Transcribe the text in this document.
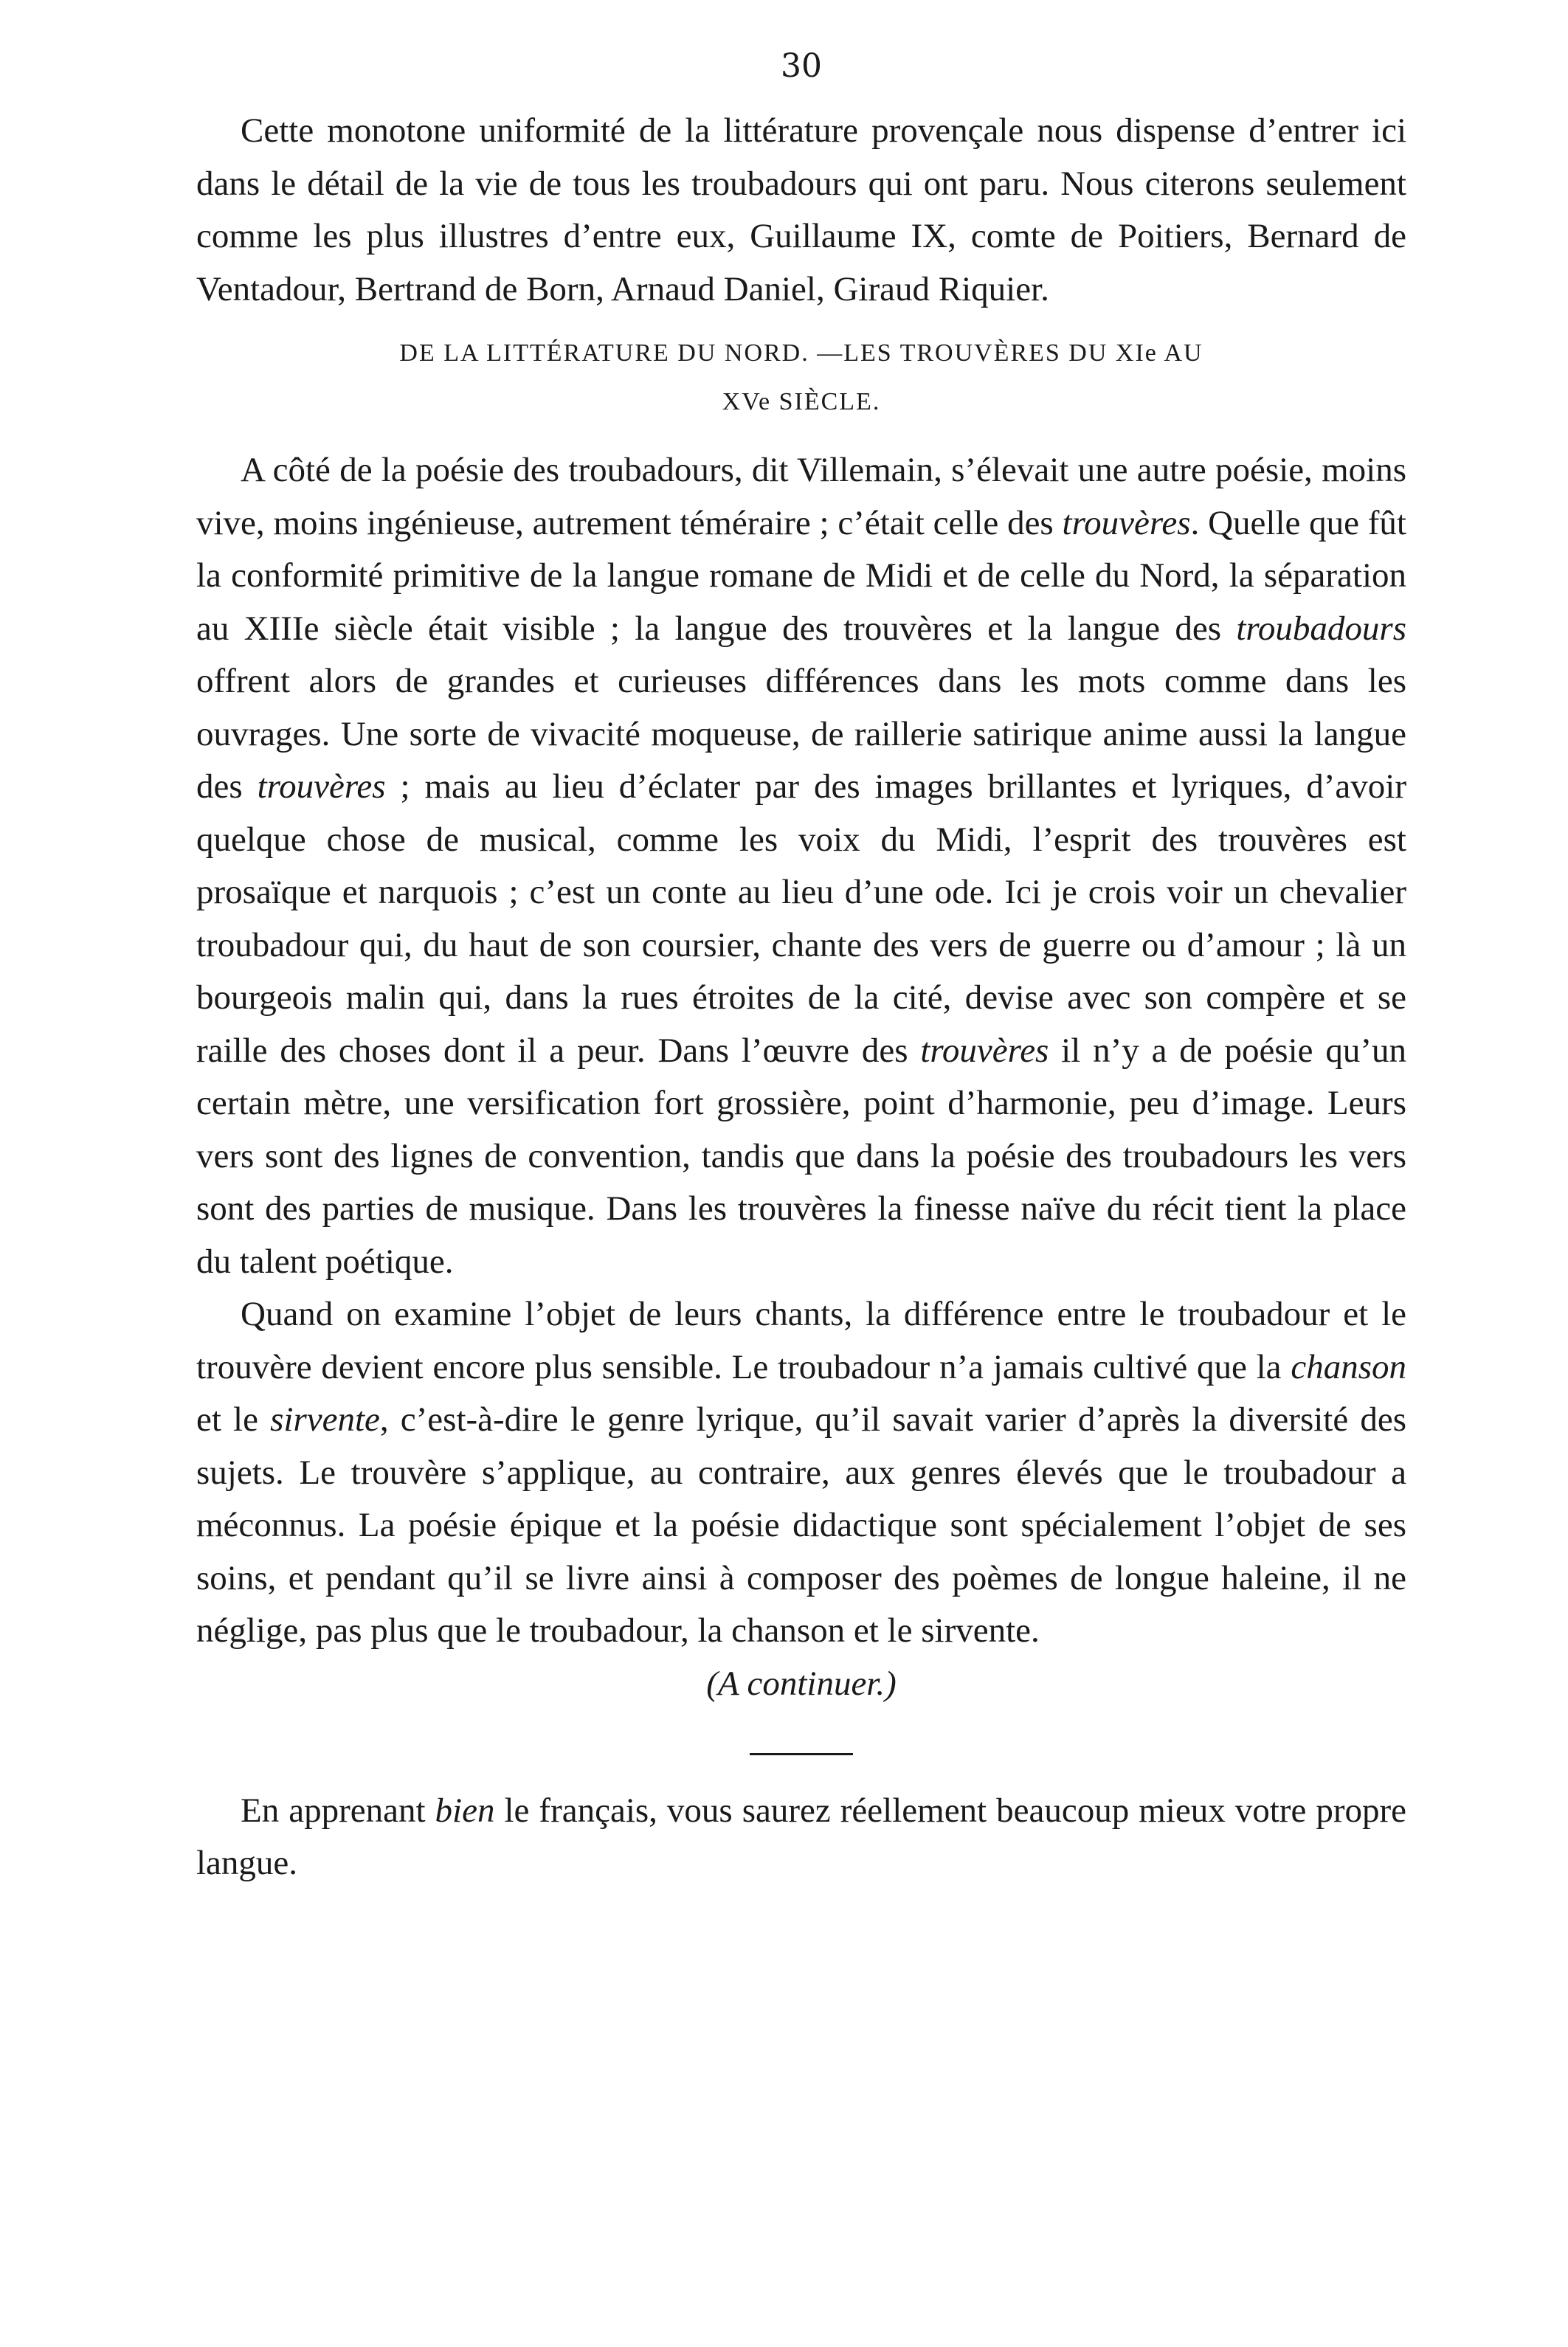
30

Cette monotone uniformité de la littérature provençale nous dispense d’entrer ici dans le détail de la vie de tous les troubadours qui ont paru. Nous citerons seulement comme les plus illustres d’entre eux, Guillaume IX, comte de Poitiers, Bernard de Ventadour, Bertrand de Born, Arnaud Daniel, Giraud Riquier.

DE LA LITTÉRATURE DU NORD. —LES TROUVÈRES DU XIe AU
XVe SIÈCLE.

A côté de la poésie des troubadours, dit Villemain, s’élevait une autre poésie, moins vive, moins ingénieuse, autrement téméraire ; c’était celle des trouvères. Quelle que fût la conformité primitive de la langue romane de Midi et de celle du Nord, la séparation au XIIIe siècle était visible ; la langue des trouvères et la langue des troubadours offrent alors de grandes et curieuses différences dans les mots comme dans les ouvrages. Une sorte de vivacité moqueuse, de raillerie satirique anime aussi la langue des trouvères ; mais au lieu d’éclater par des images brillantes et lyriques, d’avoir quelque chose de musical, comme les voix du Midi, l’esprit des trouvères est prosaïque et narquois ; c’est un conte au lieu d’une ode. Ici je crois voir un chevalier troubadour qui, du haut de son coursier, chante des vers de guerre ou d’amour ; là un bourgeois malin qui, dans la rues étroites de la cité, devise avec son compère et se raille des choses dont il a peur. Dans l’œuvre des trouvères il n’y a de poésie qu’un certain mètre, une versification fort grossière, point d’harmonie, peu d’image. Leurs vers sont des lignes de convention, tandis que dans la poésie des troubadours les vers sont des parties de musique. Dans les trouvères la finesse naïve du récit tient la place du talent poétique.

Quand on examine l’objet de leurs chants, la différence entre le troubadour et le trouvère devient encore plus sensible. Le troubadour n’a jamais cultivé que la chanson et le sirvente, c’est-à-dire le genre lyrique, qu’il savait varier d’après la diversité des sujets. Le trouvère s’applique, au contraire, aux genres élevés que le troubadour a méconnus. La poésie épique et la poésie didactique sont spécialement l’objet de ses soins, et pendant qu’il se livre ainsi à composer des poèmes de longue haleine, il ne néglige, pas plus que le troubadour, la chanson et le sirvente.

(A continuer.)

En apprenant bien le français, vous saurez réellement beaucoup mieux votre propre langue.
